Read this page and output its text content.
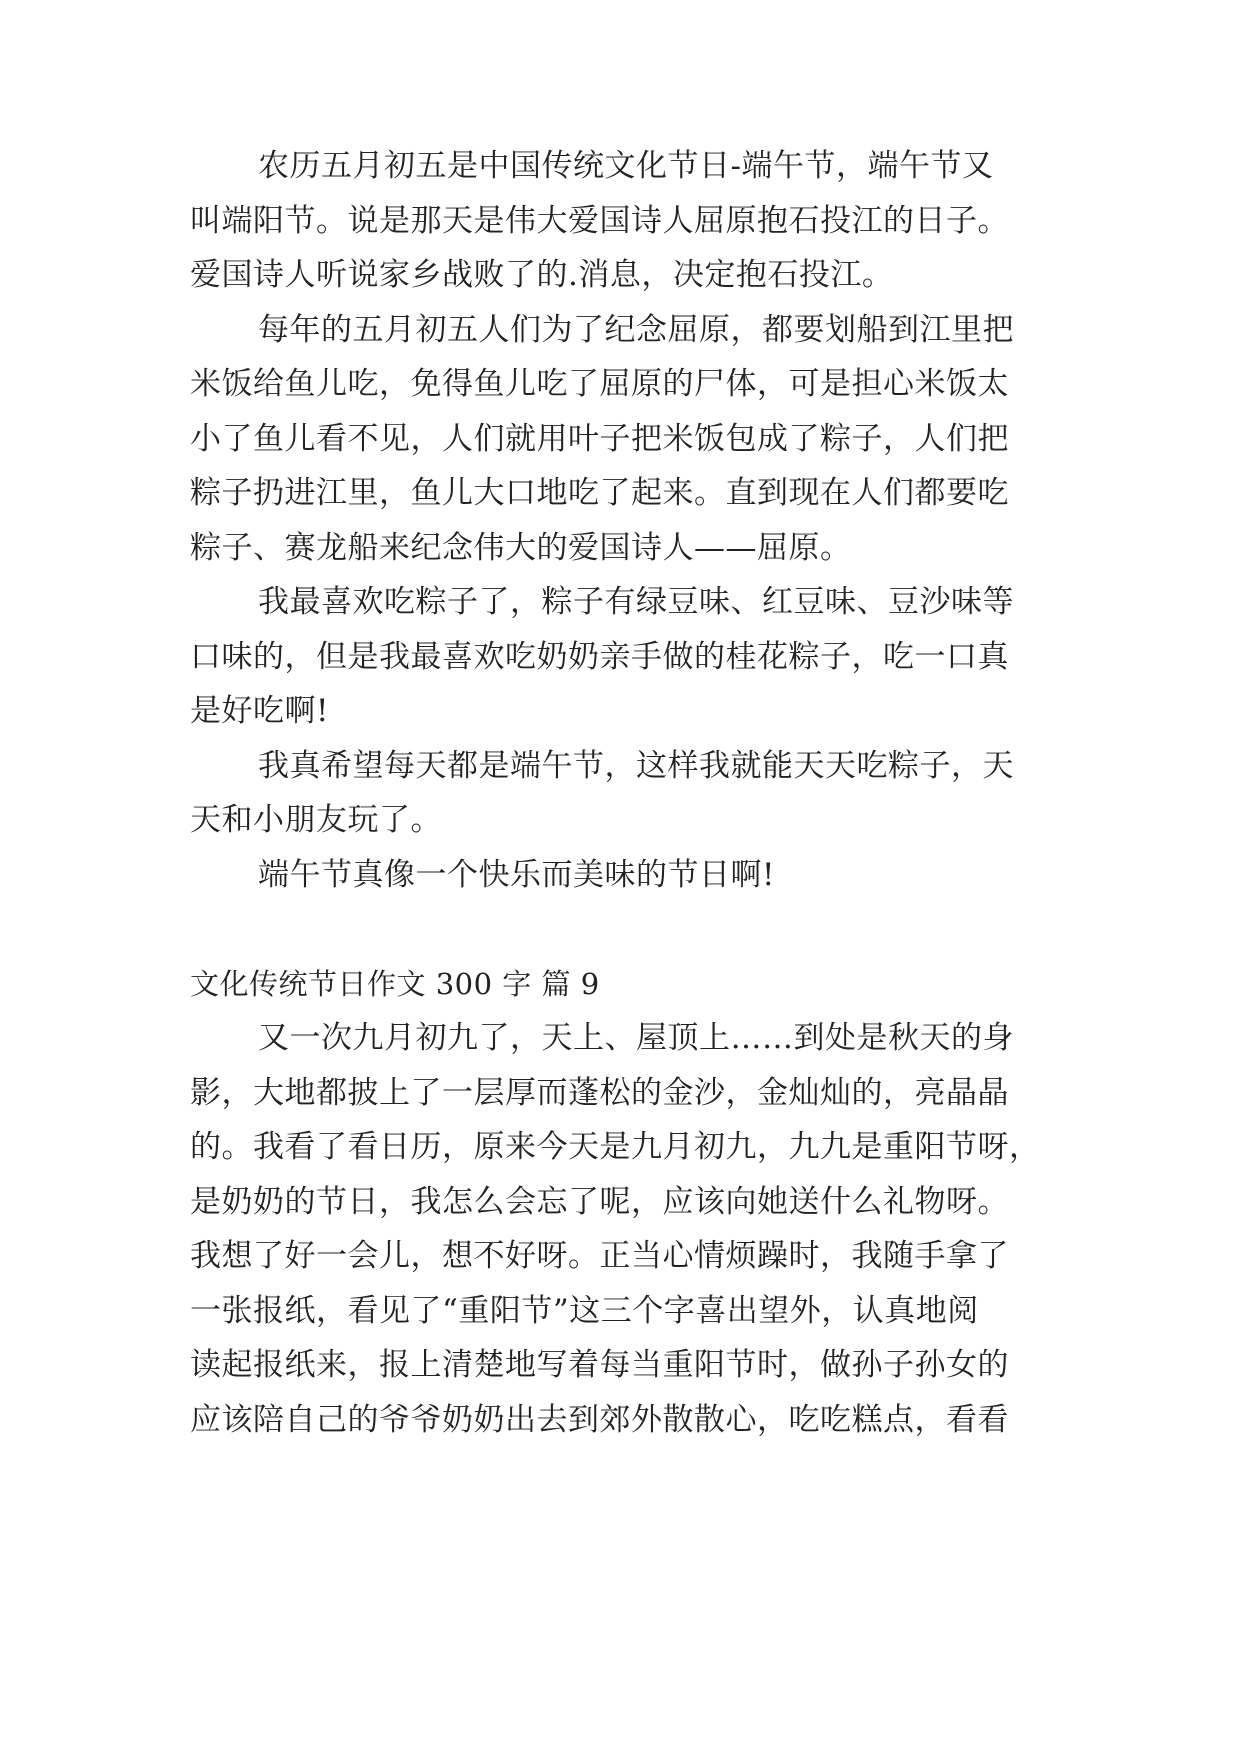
农历五月初五是中国传统文化节日-端午节，端午节又
叫端阳节。说是那天是伟大爱国诗人屈原抱石投江的日子。
爱国诗人听说家乡战败了的.消息，决定抱石投江。
每年的五月初五人们为了纪念屈原，都要划船到江里把
米饭给鱼儿吃，免得鱼儿吃了屈原的尸体，可是担心米饭太
小了鱼儿看不见，人们就用叶子把米饭包成了粽子，人们把
粽子扔进江里，鱼儿大口地吃了起来。直到现在人们都要吃
粽子、赛龙船来纪念伟大的爱国诗人——屈原。
我最喜欢吃粽子了，粽子有绿豆味、红豆味、豆沙味等
口味的，但是我最喜欢吃奶奶亲手做的桂花粽子，吃一口真
是好吃啊!
我真希望每天都是端午节，这样我就能天天吃粽子，天
天和小朋友玩了。
端午节真像一个快乐而美味的节日啊!
文化传统节日作文 300 字 篇 9
又一次九月初九了，天上、屋顶上……到处是秋天的身
影，大地都披上了一层厚而蓬松的金沙，金灿灿的，亮晶晶
的。我看了看日历，原来今天是九月初九，九九是重阳节呀，
是奶奶的节日，我怎么会忘了呢，应该向她送什么礼物呀。
我想了好一会儿，想不好呀。正当心情烦躁时，我随手拿了
一张报纸，看见了“重阳节”这三个字喜出望外，认真地阅
读起报纸来，报上清楚地写着每当重阳节时，做孙子孙女的
应该陪自己的爷爷奶奶出去到郊外散散心，吃吃糕点，看看
